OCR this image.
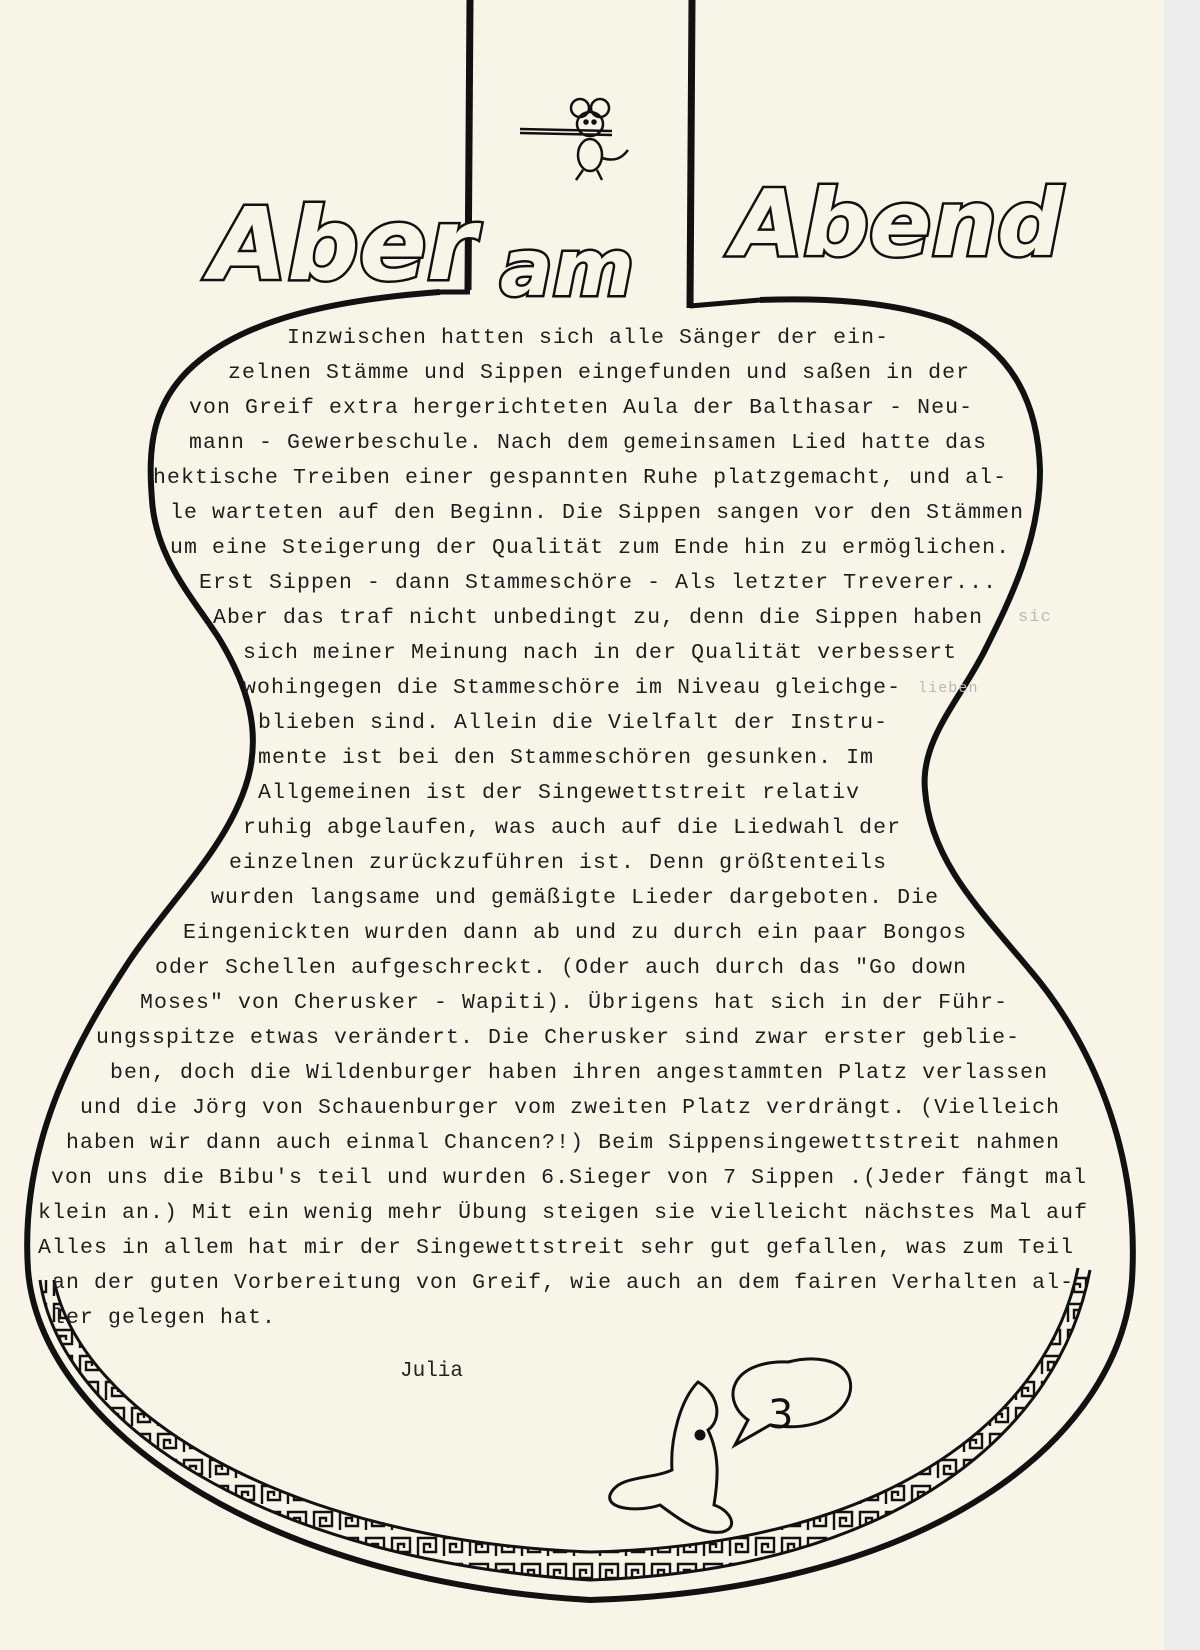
Aber am Abend
Inzwischen hatten sich alle Sänger der ein-
zelnen Stämme und Sippen eingefunden und saßen in der
von Greif extra hergerichteten Aula der Balthasar - Neu-
mann - Gewerbeschule. Nach dem gemeinsamen Lied hatte das
hektische Treiben einer gespannten Ruhe platzgemacht, und al-
le warteten auf den Beginn. Die Sippen sangen vor den Stämmen
um eine Steigerung der Qualität zum Ende hin zu ermöglichen.
Erst Sippen - dann Stammeschöre - Als letzter Treverer...
Aber das traf nicht unbedingt zu, denn die Sippen haben
sich meiner Meinung nach in der Qualität verbessert
wohingegen die Stammeschöre im Niveau gleichge-
blieben sind. Allein die Vielfalt der Instru-
mente ist bei den Stammeschören gesunken. Im
Allgemeinen ist der Singewettstreit relativ
ruhig abgelaufen, was auch auf die Liedwahl der
einzelnen zurückzuführen ist. Denn größtenteils
wurden langsame und gemäßigte Lieder dargeboten. Die
Eingenickten wurden dann ab und zu durch ein paar Bongos
oder Schellen aufgeschreckt. (Oder auch durch das "Go down
Moses" von Cherusker - Wapiti). Übrigens hat sich in der Führ-
ungsspitze etwas verändert. Die Cherusker sind zwar erster geblie-
ben, doch die Wildenburger haben ihren angestammten Platz verlassen
und die Jörg von Schauenburger vom zweiten Platz verdrängt. (Vielleich
haben wir dann auch einmal Chancen?!) Beim Sippensingewettstreit nahmen
von uns die Bibu's teil und wurden 6.Sieger von 7 Sippen .(Jeder fängt mal
klein an.) Mit ein wenig mehr Übung steigen sie vielleicht nächstes Mal auf
Alles in allem hat mir der Singewettstreit sehr gut gefallen, was zum Teil
an der guten Vorbereitung von Greif, wie auch an dem fairen Verhalten al-
ler gelegen hat.
sic
lieben
Julia
3
